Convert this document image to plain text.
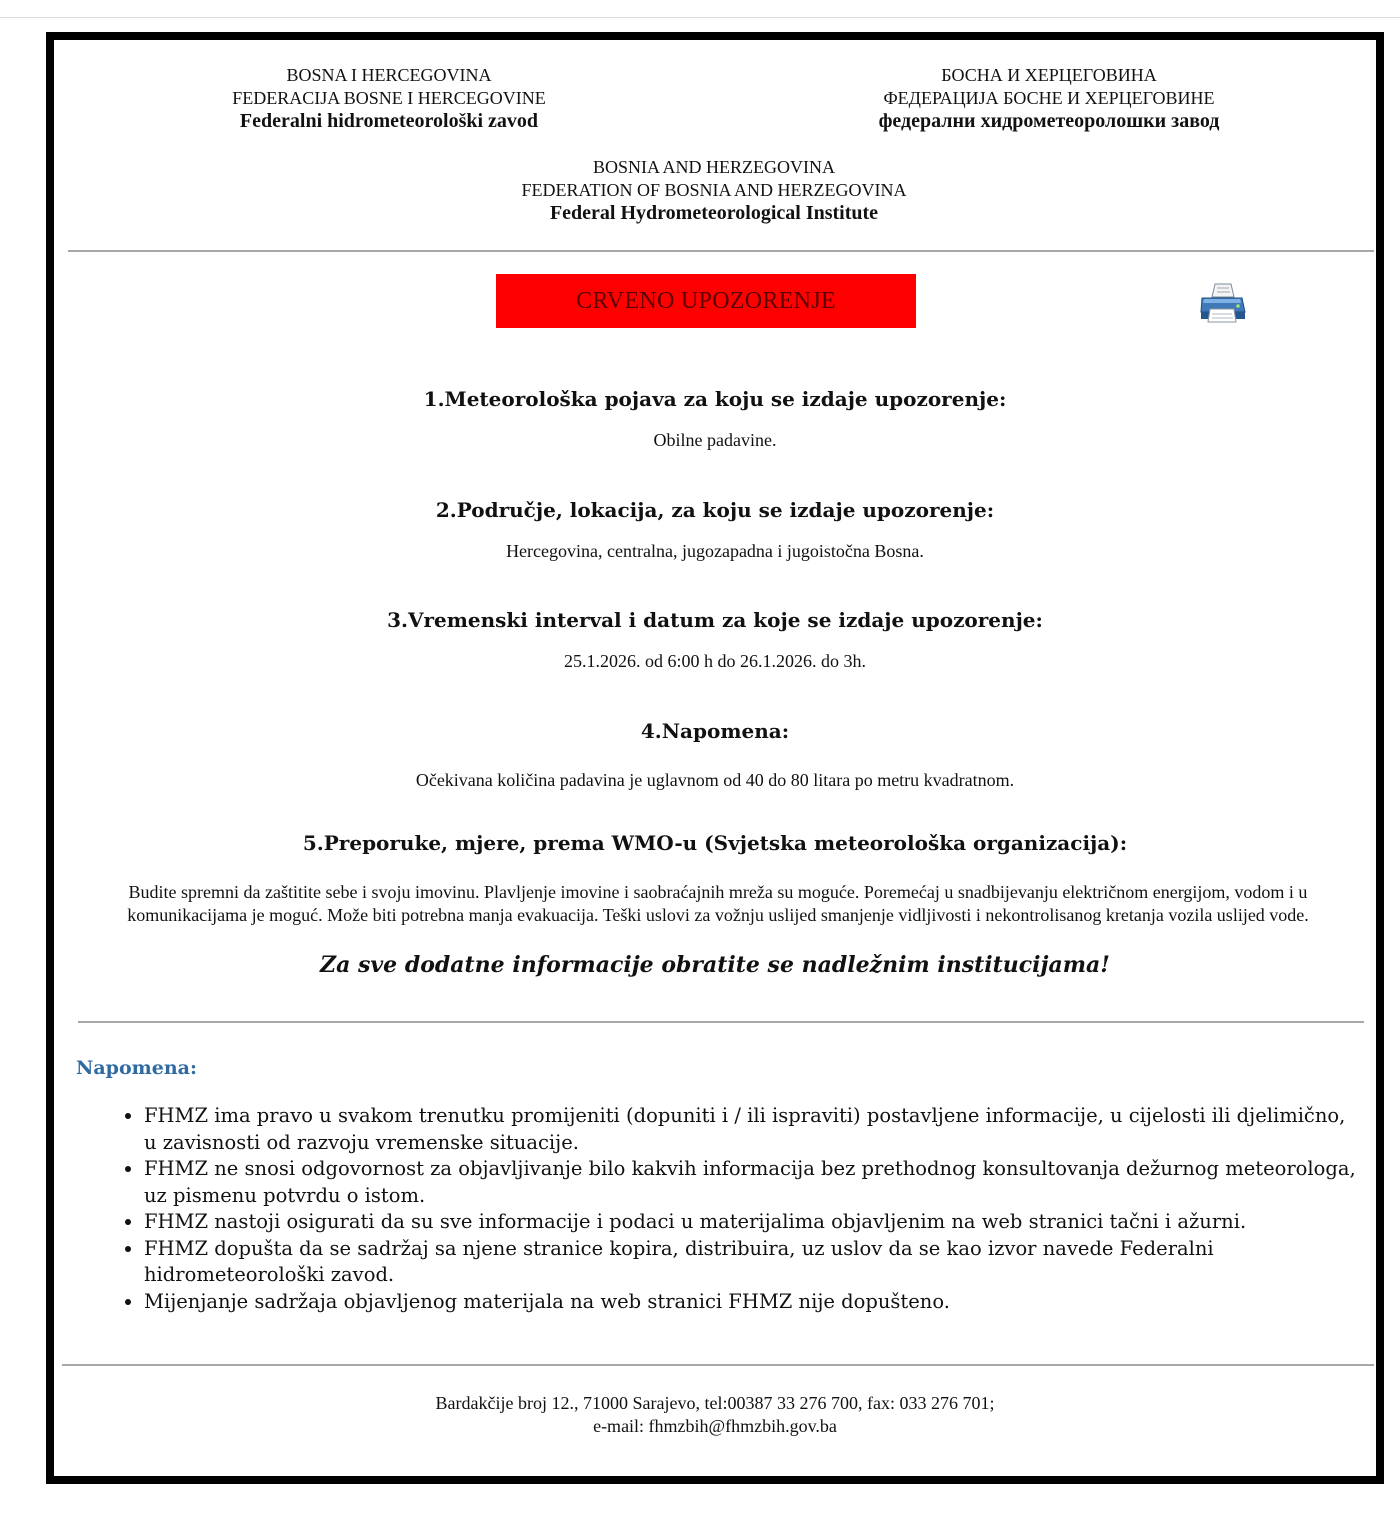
BOSNA I HERCEGOVINA
FEDERACIJA BOSNE I HERCEGOVINE
Federalni hidrometeorološki zavod
БОСНА И ХЕРЦЕГОВИНА
ФЕДЕРАЦИЈА БОСНЕ И ХЕРЦЕГОВИНЕ
федерални хидрометеоролошки завод
BOSNIA AND HERZEGOVINA
FEDERATION OF BOSNIA AND HERZEGOVINA
Federal Hydrometeorological Institute
CRVENO UPOZORENJE
1.Meteorološka pojava za koju se izdaje upozorenje:
Obilne padavine.
2.Područje, lokacija, za koju se izdaje upozorenje:
Hercegovina, centralna, jugozapadna i jugoistočna Bosna.
3.Vremenski interval i datum za koje se izdaje upozorenje:
25.1.2026. od 6:00 h do 26.1.2026. do 3h.
4.Napomena:
Očekivana količina padavina je uglavnom od 40 do 80 litara po metru kvadratnom.
5.Preporuke, mjere, prema WMO-u (Svjetska meteorološka organizacija):
Budite spremni da zaštitite sebe i svoju imovinu. Plavljenje imovine i saobraćajnih mreža su moguće. Poremećaj u snadbijevanju električnom energijom, vodom i u komunikacijama je moguć. Može biti potrebna manja evakuacija. Teški uslovi za vožnju uslijed smanjenje vidljivosti i nekontrolisanog kretanja vozila uslijed vode.
Za sve dodatne informacije obratite se nadležnim institucijama!
Napomena:
• FHMZ ima pravo u svakom trenutku promijeniti (dopuniti i / ili ispraviti) postavljene informacije, u cijelosti ili djelimično, u zavisnosti od razvoju vremenske situacije.
• FHMZ ne snosi odgovornost za objavljivanje bilo kakvih informacija bez prethodnog konsultovanja dežurnog meteorologa, uz pismenu potvrdu o istom.
• FHMZ nastoji osigurati da su sve informacije i podaci u materijalima objavljenim na web stranici tačni i ažurni.
• FHMZ dopušta da se sadržaj sa njene stranice kopira, distribuira, uz uslov da se kao izvor navede Federalni hidrometeorološki zavod.
• Mijenjanje sadržaja objavljenog materijala na web stranici FHMZ nije dopušteno.
Bardakčije broj 12., 71000 Sarajevo, tel:00387 33 276 700, fax: 033 276 701;
e-mail: fhmzbih@fhmzbih.gov.ba
